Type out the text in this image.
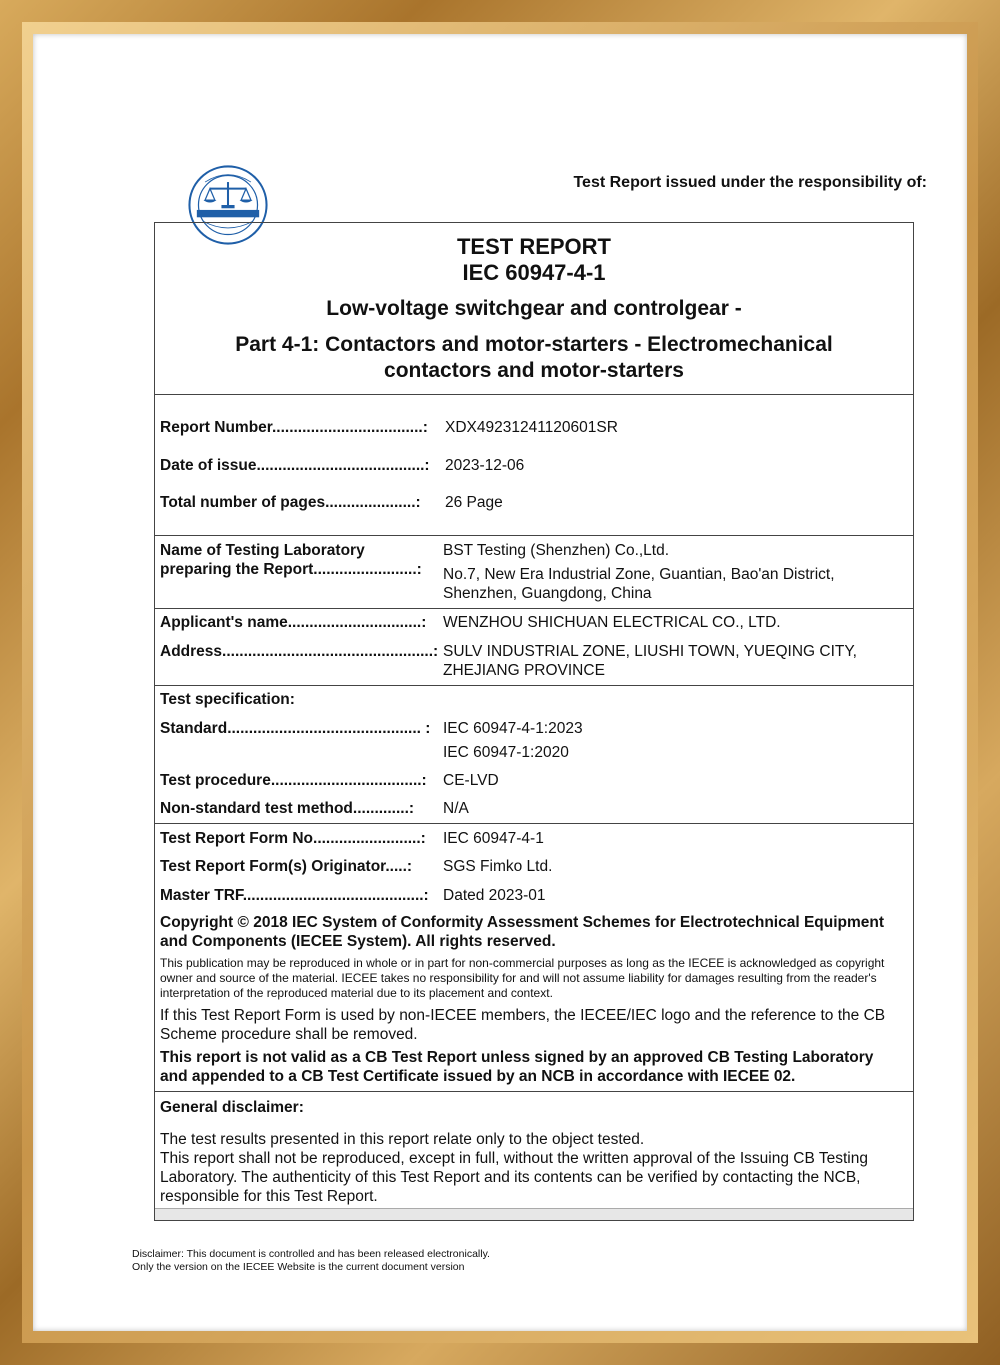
Test Report issued under the responsibility of:
TEST REPORT
IEC 60947-4-1
Low-voltage switchgear and controlgear -
Part 4-1: Contactors and motor-starters - Electromechanical
contactors and motor-starters
Report Number...................................: XDX49231241120601SR
Date of issue.......................................: 2023-12-06
Total number of pages.....................: 26 Page
Name of Testing Laboratory	BST Testing (Shenzhen) Co.,Ltd.
preparing the Report........................: No.7, New Era Industrial Zone, Guantian, Bao'an District,
Shenzhen, Guangdong, China
Applicant's name...............................: WENZHOU SHICHUAN ELECTRICAL CO., LTD.
Address.................................................: SULV INDUSTRIAL ZONE, LIUSHI TOWN, YUEQING CITY,
ZHEJIANG PROVINCE
Test specification:
Standard............................................. : IEC 60947-4-1:2023
IEC 60947-1:2020
Test procedure...................................: CE-LVD
Non-standard test method.............: N/A
Test Report Form No.........................: IEC 60947-4-1
Test Report Form(s) Originator.....: SGS Fimko Ltd.
Master TRF..........................................: Dated 2023-01
Copyright © 2018 IEC System of Conformity Assessment Schemes for Electrotechnical Equipment and Components (IECEE System). All rights reserved.
This publication may be reproduced in whole or in part for non-commercial purposes as long as the IECEE is acknowledged as copyright owner and source of the material. IECEE takes no responsibility for and will not assume liability for damages resulting from the reader's interpretation of the reproduced material due to its placement and context.
If this Test Report Form is used by non-IECEE members, the IECEE/IEC logo and the reference to the CB Scheme procedure shall be removed.
This report is not valid as a CB Test Report unless signed by an approved CB Testing Laboratory and appended to a CB Test Certificate issued by an NCB in accordance with IECEE 02.
General disclaimer:
The test results presented in this report relate only to the object tested.
This report shall not be reproduced, except in full, without the written approval of the Issuing CB Testing Laboratory. The authenticity of this Test Report and its contents can be verified by contacting the NCB, responsible for this Test Report.
Disclaimer: This document is controlled and has been released electronically.
Only the version on the IECEE Website is the current document version
